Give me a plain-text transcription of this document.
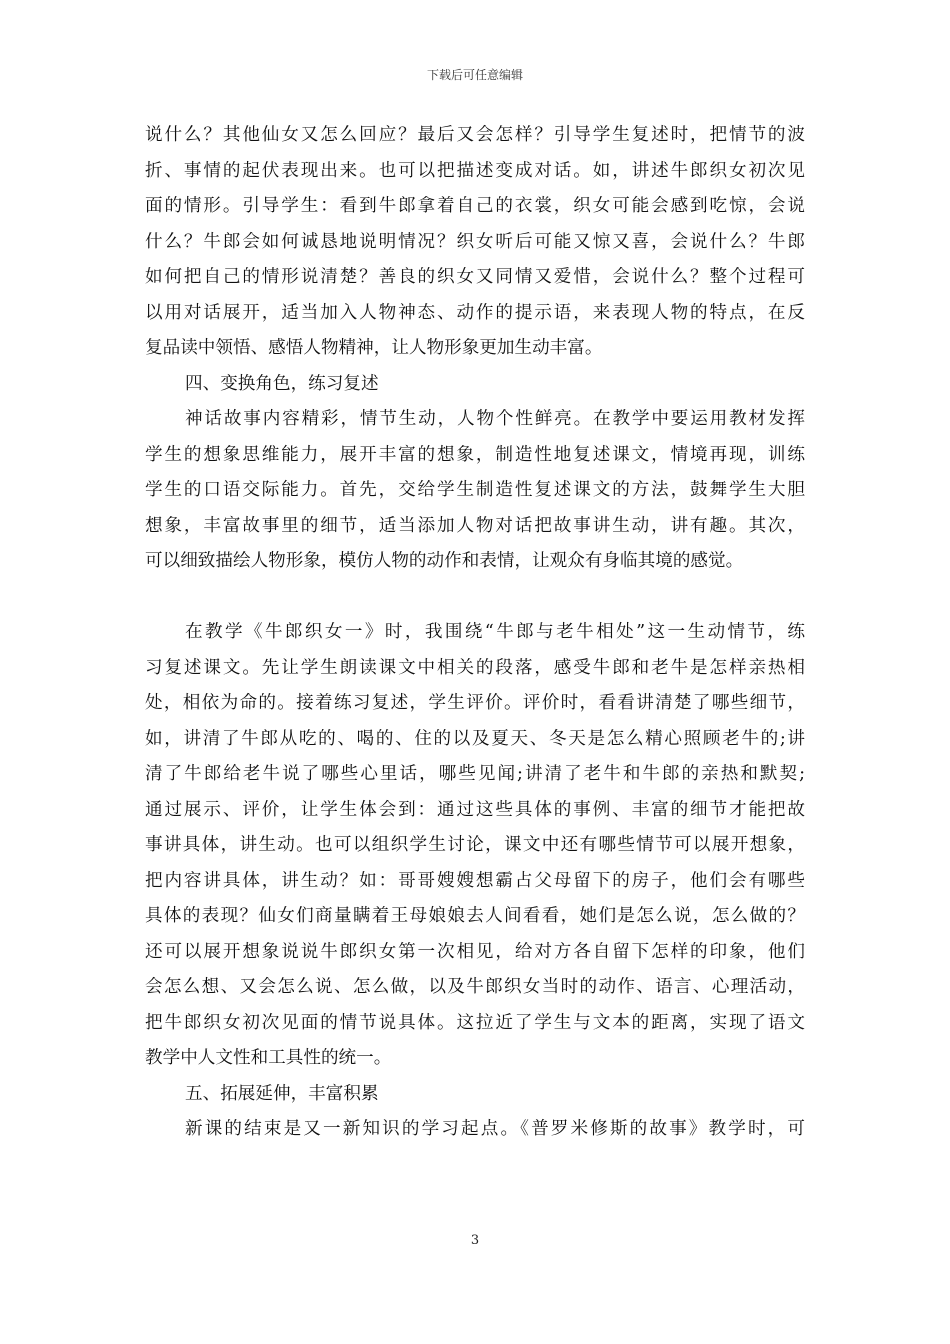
下载后可任意编辑
说什么？其他仙女又怎么回应？最后又会怎样？引导学生复述时，把情节的波
折、事情的起伏表现出来。也可以把描述变成对话。如，讲述牛郎织女初次见
面的情形。引导学生：看到牛郎拿着自己的衣裳，织女可能会感到吃惊，会说
什么？牛郎会如何诚恳地说明情况？织女听后可能又惊又喜，会说什么？牛郎
如何把自己的情形说清楚？善良的织女又同情又爱惜，会说什么？整个过程可
以用对话展开，适当加入人物神态、动作的提示语，来表现人物的特点，在反
复品读中领悟、感悟人物精神，让人物形象更加生动丰富。
四、变换角色，练习复述
神话故事内容精彩，情节生动，人物个性鲜亮。在教学中要运用教材发挥
学生的想象思维能力，展开丰富的想象，制造性地复述课文，情境再现，训练
学生的口语交际能力。首先，交给学生制造性复述课文的方法，鼓舞学生大胆
想象，丰富故事里的细节，适当添加人物对话把故事讲生动，讲有趣。其次，
可以细致描绘人物形象，模仿人物的动作和表情，让观众有身临其境的感觉。
在教学《牛郎织女一》时，我围绕“牛郎与老牛相处”这一生动情节，练
习复述课文。先让学生朗读课文中相关的段落，感受牛郎和老牛是怎样亲热相
处，相依为命的。接着练习复述，学生评价。评价时，看看讲清楚了哪些细节，
如，讲清了牛郎从吃的、喝的、住的以及夏天、冬天是怎么精心照顾老牛的;讲
清了牛郎给老牛说了哪些心里话，哪些见闻;讲清了老牛和牛郎的亲热和默契;
通过展示、评价，让学生体会到：通过这些具体的事例、丰富的细节才能把故
事讲具体，讲生动。也可以组织学生讨论，课文中还有哪些情节可以展开想象，
把内容讲具体，讲生动？如：哥哥嫂嫂想霸占父母留下的房子，他们会有哪些
具体的表现？仙女们商量瞒着王母娘娘去人间看看，她们是怎么说，怎么做的？
还可以展开想象说说牛郎织女第一次相见，给对方各自留下怎样的印象，他们
会怎么想、又会怎么说、怎么做，以及牛郎织女当时的动作、语言、心理活动，
把牛郎织女初次见面的情节说具体。这拉近了学生与文本的距离，实现了语文
教学中人文性和工具性的统一。
五、拓展延伸，丰富积累
新课的结束是又一新知识的学习起点。《普罗米修斯的故事》教学时，可
3
